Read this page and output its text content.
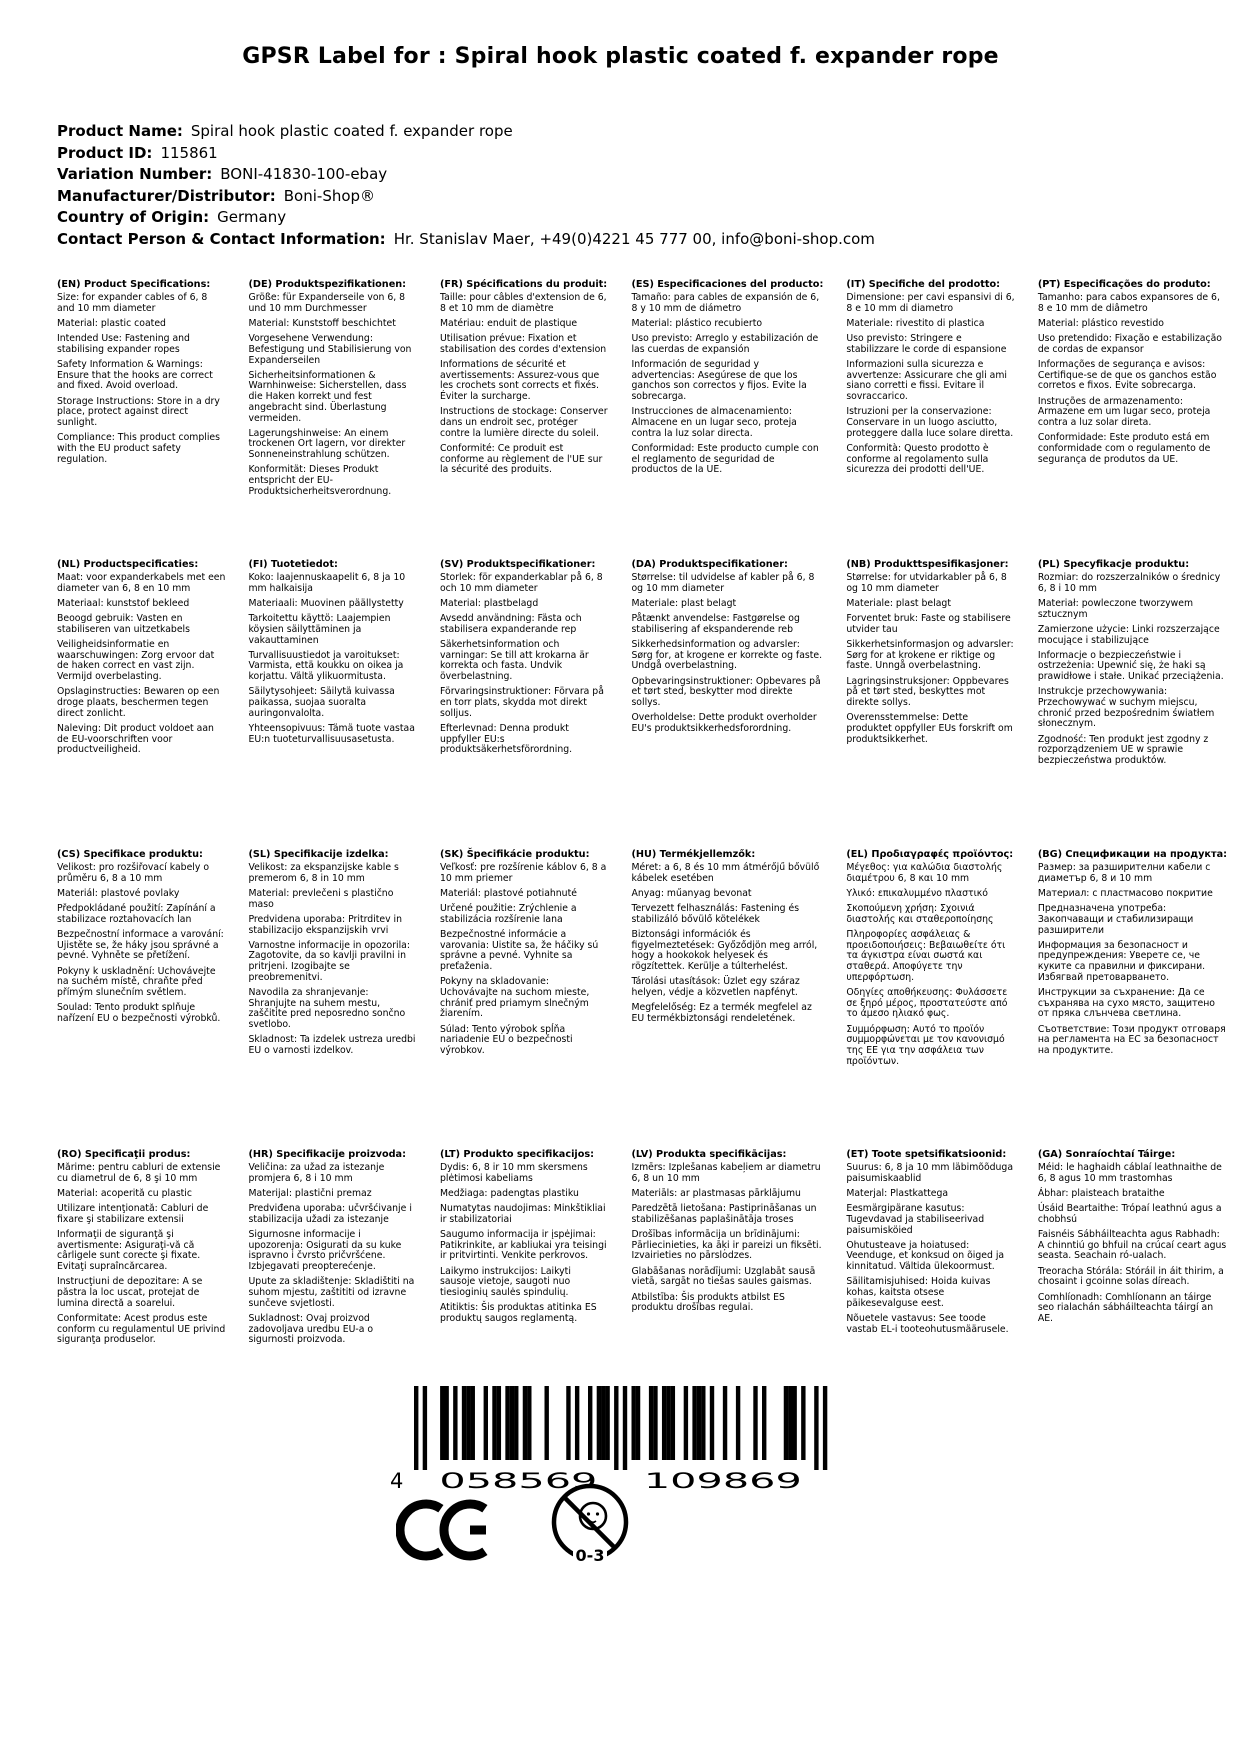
GPSR Label for : Spiral hook plastic coated f. expander rope
Product Name: Spiral hook plastic coated f. expander rope
Product ID: 115861
Variation Number: BONI-41830-100-ebay
Manufacturer/Distributor: Boni-Shop®
Country of Origin: Germany
Contact Person & Contact Information: Hr. Stanislav Maer, +49(0)4221 45 777 00, info@boni-shop.com
(EN) Product Specifications:

Size: for expander cables of 6, 8 and 10 mm diameter

Material: plastic coated

Intended Use: Fastening and stabilising expander ropes

Safety Information & Warnings: Ensure that the hooks are correct and fixed. Avoid overload.

Storage Instructions: Store in a dry place, protect against direct sunlight.

Compliance: This product complies with the EU product safety regulation.

(DE) Produktspezifikationen:

Größe: für Expanderseile von 6, 8 und 10 mm Durchmesser

Material: Kunststoff beschichtet

Vorgesehene Verwendung: Befestigung und Stabilisierung von Expanderseilen

Sicherheitsinformationen & Warnhinweise: Sicherstellen, dass die Haken korrekt und fest angebracht sind. Überlastung vermeiden.

Lagerungshinweise: An einem trockenen Ort lagern, vor direkter Sonneneinstrahlung schützen.

Konformität: Dieses Produkt entspricht der EU-Produktsicherheitsverordnung.

(FR) Spécifications du produit:

Taille: pour câbles d'extension de 6, 8 et 10 mm de diamètre

Matériau: enduit de plastique

Utilisation prévue: Fixation et stabilisation des cordes d'extension

Informations de sécurité et avertissements: Assurez-vous que les crochets sont corrects et fixés. Éviter la surcharge.

Instructions de stockage: Conserver dans un endroit sec, protéger contre la lumière directe du soleil.

Conformité: Ce produit est conforme au règlement de l'UE sur la sécurité des produits.

(ES) Especificaciones del producto:

Tamaño: para cables de expansión de 6, 8 y 10 mm de diámetro

Material: plástico recubierto

Uso previsto: Arreglo y estabilización de las cuerdas de expansión

Información de seguridad y advertencias: Asegúrese de que los ganchos son correctos y fijos. Evite la sobrecarga.

Instrucciones de almacenamiento: Almacene en un lugar seco, proteja contra la luz solar directa.

Conformidad: Este producto cumple con el reglamento de seguridad de productos de la UE.

(IT) Specifiche del prodotto:

Dimensione: per cavi espansivi di 6, 8 e 10 mm di diametro

Materiale: rivestito di plastica

Uso previsto: Stringere e stabilizzare le corde di espansione

Informazioni sulla sicurezza e avvertenze: Assicurare che gli ami siano corretti e fissi. Evitare il sovraccarico.

Istruzioni per la conservazione: Conservare in un luogo asciutto, proteggere dalla luce solare diretta.

Conformità: Questo prodotto è conforme al regolamento sulla sicurezza dei prodotti dell'UE.

(PT) Especificações do produto:

Tamanho: para cabos expansores de 6, 8 e 10 mm de diâmetro

Material: plástico revestido

Uso pretendido: Fixação e estabilização de cordas de expansor

Informações de segurança e avisos: Certifique-se de que os ganchos estão corretos e fixos. Evite sobrecarga.

Instruções de armazenamento: Armazene em um lugar seco, proteja contra a luz solar direta.

Conformidade: Este produto está em conformidade com o regulamento de segurança de produtos da UE.

(NL) Productspecificaties:

Maat: voor expanderkabels met een diameter van 6, 8 en 10 mm

Materiaal: kunststof bekleed

Beoogd gebruik: Vasten en stabiliseren van uitzetkabels

Veiligheidsinformatie en waarschuwingen: Zorg ervoor dat de haken correct en vast zijn. Vermijd overbelasting.

Opslaginstructies: Bewaren op een droge plaats, beschermen tegen direct zonlicht.

Naleving: Dit product voldoet aan de EU-voorschriften voor productveiligheid.

(FI) Tuotetiedot:

Koko: laajennuskaapelit 6, 8 ja 10 mm halkaisija

Materiaali: Muovinen päällystetty

Tarkoitettu käyttö: Laajempien köysien säilyttäminen ja vakauttaminen

Turvallisuustiedot ja varoitukset: Varmista, että koukku on oikea ja korjattu. Vältä ylikuormitusta.

Säilytysohjeet: Säilytä kuivassa paikassa, suojaa suoralta auringonvalolta.

Yhteensopivuus: Tämä tuote vastaa EU:n tuoteturvallisuusasetusta.

(SV) Produktspecifikationer:

Storlek: för expanderkablar på 6, 8 och 10 mm diameter

Material: plastbelagd

Avsedd användning: Fästa och stabilisera expanderande rep

Säkerhetsinformation och varningar: Se till att krokarna är korrekta och fasta. Undvik överbelastning.

Förvaringsinstruktioner: Förvara på en torr plats, skydda mot direkt solljus.

Efterlevnad: Denna produkt uppfyller EU:s produktsäkerhetsförordning.

(DA) Produktspecifikationer:

Størrelse: til udvidelse af kabler på 6, 8 og 10 mm diameter

Materiale: plast belagt

Påtænkt anvendelse: Fastgørelse og stabilisering af ekspanderende reb

Sikkerhedsinformation og advarsler: Sørg for, at krogene er korrekte og faste. Undgå overbelastning.

Opbevaringsinstruktioner: Opbevares på et tørt sted, beskytter mod direkte sollys.

Overholdelse: Dette produkt overholder EU's produktsikkerhedsforordning.

(NB) Produkttspesifikasjoner:

Størrelse: for utvidarkabler på 6, 8 og 10 mm diameter

Materiale: plast belagt

Forventet bruk: Faste og stabilisere utvider tau

Sikkerhetsinformasjon og advarsler: Sørg for at krokene er riktige og faste. Unngå overbelastning.

Lagringsinstruksjoner: Oppbevares på et tørt sted, beskyttes mot direkte sollys.

Overensstemmelse: Dette produktet oppfyller EUs forskrift om produktsikkerhet.

(PL) Specyfikacje produktu:

Rozmiar: do rozszerzalników o średnicy 6, 8 i 10 mm

Materiał: powleczone tworzywem sztucznym

Zamierzone użycie: Linki rozszerzające mocujące i stabilizujące

Informacje o bezpieczeństwie i ostrzeżenia: Upewnić się, że haki są prawidłowe i stałe. Unikać przeciążenia.

Instrukcje przechowywania: Przechowywać w suchym miejscu, chronić przed bezpośrednim światłem słonecznym.

Zgodność: Ten produkt jest zgodny z rozporządzeniem UE w sprawie bezpieczeństwa produktów.

(CS) Specifikace produktu:

Velikost: pro rozšiřovací kabely o průměru 6, 8 a 10 mm

Materiál: plastové povlaky

Předpokládané použití: Zapínání a stabilizace roztahovacích lan

Bezpečnostní informace a varování: Ujistěte se, že háky jsou správné a pevné. Vyhněte se přetížení.

Pokyny k uskladnění: Uchovávejte na suchém místě, chraňte před přímým slunečním světlem.

Soulad: Tento produkt splňuje nařízení EU o bezpečnosti výrobků.

(SL) Specifikacije izdelka:

Velikost: za ekspanzijske kable s premerom 6, 8 in 10 mm

Material: prevlečeni s plastično maso

Predvidena uporaba: Pritrditev in stabilizacijo ekspanzijskih vrvi

Varnostne informacije in opozorila: Zagotovite, da so kavlji pravilni in pritrjeni. Izogibajte se preobremenitvi.

Navodila za shranjevanje: Shranjujte na suhem mestu, zaščitite pred neposredno sončno svetlobo.

Skladnost: Ta izdelek ustreza uredbi EU o varnosti izdelkov.

(SK) Špecifikácie produktu:

Veľkosť: pre rozšírenie káblov 6, 8 a 10 mm priemer

Materiál: plastové potiahnuté

Určené použitie: Zrýchlenie a stabilizácia rozšírenie lana

Bezpečnostné informácie a varovania: Uistite sa, že háčiky sú správne a pevné. Vyhnite sa preťaženia.

Pokyny na skladovanie: Uchovávajte na suchom mieste, chrániť pred priamym slnečným žiarením.

Súlad: Tento výrobok spĺňa nariadenie EÚ o bezpečnosti výrobkov.

(HU) Termékjellemzők:

Méret: a 6, 8 és 10 mm átmérőjű bővülő kábelek esetében

Anyag: műanyag bevonat

Tervezett felhasználás: Fastening és stabilizáló bővülő kötelékek

Biztonsági információk és figyelmeztetések: Győződjön meg arról, hogy a hookokok helyesek és rögzítettek. Kerülje a túlterhelést.

Tárolási utasítások: Üzlet egy száraz helyen, védje a közvetlen napfényt.

Megfelelőség: Ez a termék megfelel az EU termékbiztonsági rendeletének.

(EL) Προδιαγραφές προϊόντος:

Μέγεθος: για καλώδια διαστολής διαμέτρου 6, 8 και 10 mm

Υλικό: επικαλυμμένο πλαστικό

Σκοπούμενη χρήση: Σχοινιά διαστολής και σταθεροποίησης

Πληροφορίες ασφάλειας & προειδοποιήσεις: Βεβαιωθείτε ότι τα άγκιστρα είναι σωστά και σταθερά. Αποφύγετε την υπερφόρτωση.

Οδηγίες αποθήκευσης: Φυλάσσετε σε ξηρό μέρος, προστατεύστε από το άμεσο ηλιακό φως.

Συμμόρφωση: Αυτό το προϊόν συμμορφώνεται με τον κανονισμό της ΕΕ για την ασφάλεια των προϊόντων.

(BG) Спецификации на продукта:

Размер: за разширителни кабели с диаметър 6, 8 и 10 mm

Материал: с пластмасово покритие

Предназначена употреба: Закопчаващи и стабилизиращи разширители

Информация за безопасност и предупреждения: Уверете се, че куките са правилни и фиксирани. Избягвай претоварването.

Инструкции за съхранение: Да се съхранява на сухо място, защитено от пряка слънчева светлина.

Съответствие: Този продукт отговаря на регламента на ЕС за безопасност на продуктите.

(RO) Specificaţii produs:

Mărime: pentru cabluri de extensie cu diametrul de 6, 8 şi 10 mm

Material: acoperită cu plastic

Utilizare intenţionată: Cabluri de fixare şi stabilizare extensii

Informaţii de siguranţă şi avertismente: Asiguraţi-vă că cârligele sunt corecte şi fixate. Evitaţi supraîncărcarea.

Instrucţiuni de depozitare: A se păstra la loc uscat, protejat de lumina directă a soarelui.

Conformitate: Acest produs este conform cu regulamentul UE privind siguranţa produselor.

(HR) Specifikacije proizvoda:

Veličina: za užad za istezanje promjera 6, 8 i 10 mm

Materijal: plastični premaz

Predviđena uporaba: učvršćivanje i stabilizacija užadi za istezanje

Sigurnosne informacije i upozorenja: Osigurati da su kuke ispravno i čvrsto pričvršćene. Izbjegavati preopterećenje.

Upute za skladištenje: Skladištiti na suhom mjestu, zaštititi od izravne sunčeve svjetlosti.

Sukladnost: Ovaj proizvod zadovoljava uredbu EU-a o sigurnosti proizvoda.

(LT) Produkto specifikacijos:

Dydis: 6, 8 ir 10 mm skersmens plėtimosi kabeliams

Medžiaga: padengtas plastiku

Numatytas naudojimas: Minkštikliai ir stabilizatoriai

Saugumo informacija ir įspėjimai: Patikrinkite, ar kabliukai yra teisingi ir pritvirtinti. Venkite perkrovos.

Laikymo instrukcijos: Laikyti sausoje vietoje, saugoti nuo tiesioginių saulės spindulių.

Atitiktis: Šis produktas atitinka ES produktų saugos reglamentą.

(LV) Produkta specifikācijas:

Izmērs: Izplešanas kabeļiem ar diametru 6, 8 un 10 mm

Materiāls: ar plastmasas pārklājumu

Paredzētā lietošana: Pastiprināšanas un stabilizēšanas paplašinātāja troses

Drošības informācija un brīdinājumi: Pārliecinieties, ka āķi ir pareizi un fiksēti. Izvairieties no pārslodzes.

Glabāšanas norādījumi: Uzglabāt sausā vietā, sargāt no tiešas saules gaismas.

Atbilstība: Šis produkts atbilst ES produktu drošības regulai.

(ET) Toote spetsifikatsioonid:

Suurus: 6, 8 ja 10 mm läbimõõduga paisumiskaablid

Materjal: Plastkattega

Eesmärgipärane kasutus: Tugevdavad ja stabiliseerivad paisumisköied

Ohutusteave ja hoiatused: Veenduge, et konksud on õiged ja kinnitatud. Vältida ülekoormust.

Säilitamisjuhised: Hoida kuivas kohas, kaitsta otsese päikesevalguse eest.

Nõuetele vastavus: See toode vastab EL-i tooteohutusmäärusele.

(GA) Sonraíochtaí Táirge:

Méid: le haghaidh cáblaí leathnaithe de 6, 8 agus 10 mm trastomhas

Ábhar: plaisteach brataithe

Úsáid Beartaithe: Trópaí leathnú agus a chobhsú

Faisnéis Sábháilteachta agus Rabhadh: A chinntiú go bhfuil na crúcaí ceart agus seasta. Seachain ró-ualach.

Treoracha Stórála: Stóráil in áit thirim, a chosaint i gcoinne solas díreach.

Comhlíonadh: Comhlíonann an táirge seo rialachán sábháilteachta táirgí an AE.

4 058569 109869
0-3
